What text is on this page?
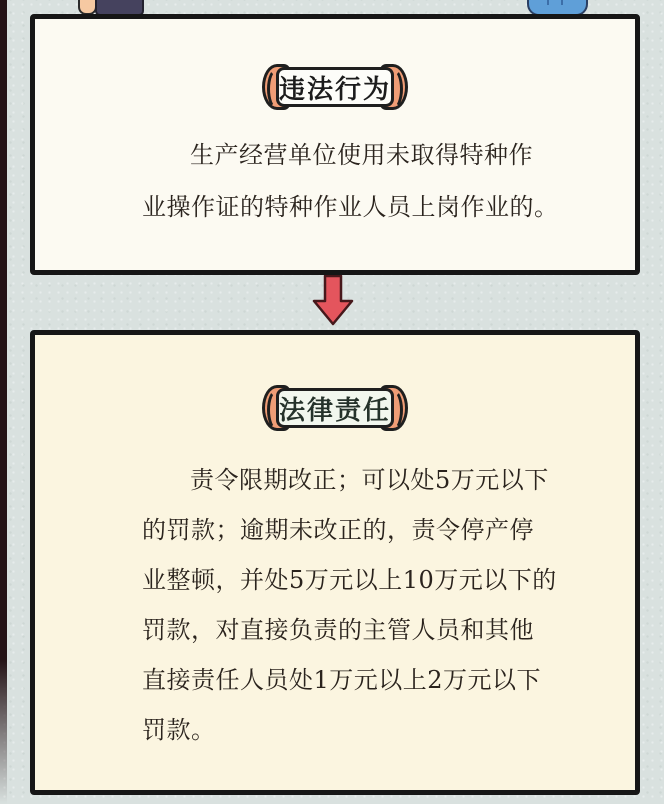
违法行为
生产经营单位使用未取得特种作
业操作证的特种作业人员上岗作业的。
法律责任
责令限期改正；可以处5万元以下
的罚款；逾期未改正的，责令停产停
业整顿，并处5万元以上10万元以下的
罚款，对直接负责的主管人员和其他
直接责任人员处1万元以上2万元以下
罚款。
